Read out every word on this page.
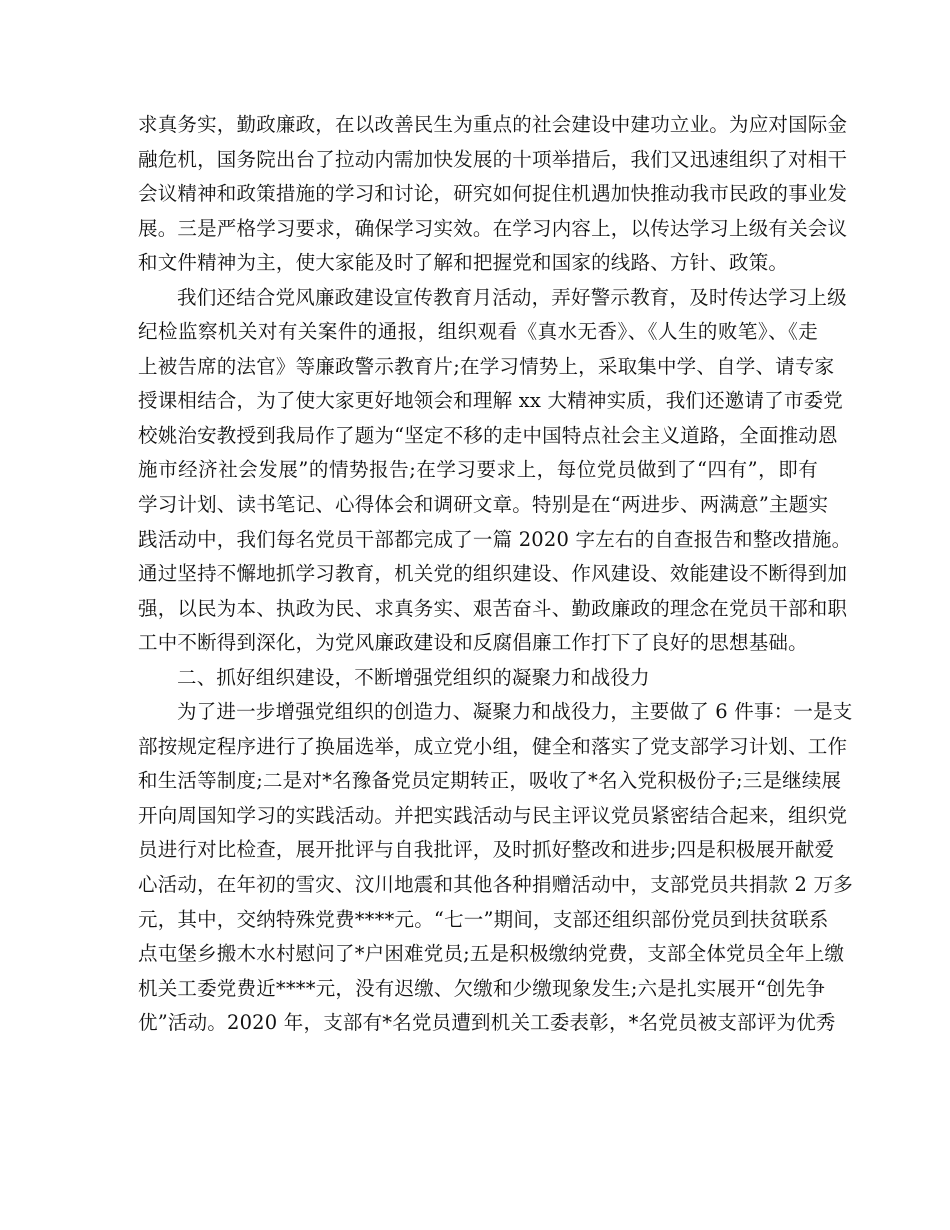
求真务实，勤政廉政，在以改善民生为重点的社会建设中建功立业。为应对国际金
融危机，国务院出台了拉动内需加快发展的十项举措后，我们又迅速组织了对相干
会议精神和政策措施的学习和讨论，研究如何捉住机遇加快推动我市民政的事业发
展。三是严格学习要求，确保学习实效。在学习内容上，以传达学习上级有关会议
和文件精神为主，使大家能及时了解和把握党和国家的线路、方针、政策。
我们还结合党风廉政建设宣传教育月活动，弄好警示教育，及时传达学习上级
纪检监察机关对有关案件的通报，组织观看《真水无香》、《人生的败笔》、《走
上被告席的法官》等廉政警示教育片;在学习情势上，采取集中学、自学、请专家
授课相结合，为了使大家更好地领会和理解 xx 大精神实质，我们还邀请了市委党
校姚治安教授到我局作了题为“坚定不移的走中国特点社会主义道路，全面推动恩
施市经济社会发展”的情势报告;在学习要求上，每位党员做到了“四有”，即有
学习计划、读书笔记、心得体会和调研文章。特别是在“两进步、两满意”主题实
践活动中，我们每名党员干部都完成了一篇 2020 字左右的自查报告和整改措施。
通过坚持不懈地抓学习教育，机关党的组织建设、作风建设、效能建设不断得到加
强，以民为本、执政为民、求真务实、艰苦奋斗、勤政廉政的理念在党员干部和职
工中不断得到深化，为党风廉政建设和反腐倡廉工作打下了良好的思想基础。
二、抓好组织建设，不断增强党组织的凝聚力和战役力
为了进一步增强党组织的创造力、凝聚力和战役力，主要做了 6 件事：一是支
部按规定程序进行了换届选举，成立党小组，健全和落实了党支部学习计划、工作
和生活等制度;二是对*名豫备党员定期转正，吸收了*名入党积极份子;三是继续展
开向周国知学习的实践活动。并把实践活动与民主评议党员紧密结合起来，组织党
员进行对比检查，展开批评与自我批评，及时抓好整改和进步;四是积极展开献爱
心活动，在年初的雪灾、汶川地震和其他各种捐赠活动中，支部党员共捐款 2 万多
元，其中，交纳特殊党费****元。“七一”期间，支部还组织部份党员到扶贫联系
点屯堡乡搬木水村慰问了*户困难党员;五是积极缴纳党费，支部全体党员全年上缴
机关工委党费近****元，没有迟缴、欠缴和少缴现象发生;六是扎实展开“创先争
优”活动。2020 年，支部有*名党员遭到机关工委表彰，*名党员被支部评为优秀
